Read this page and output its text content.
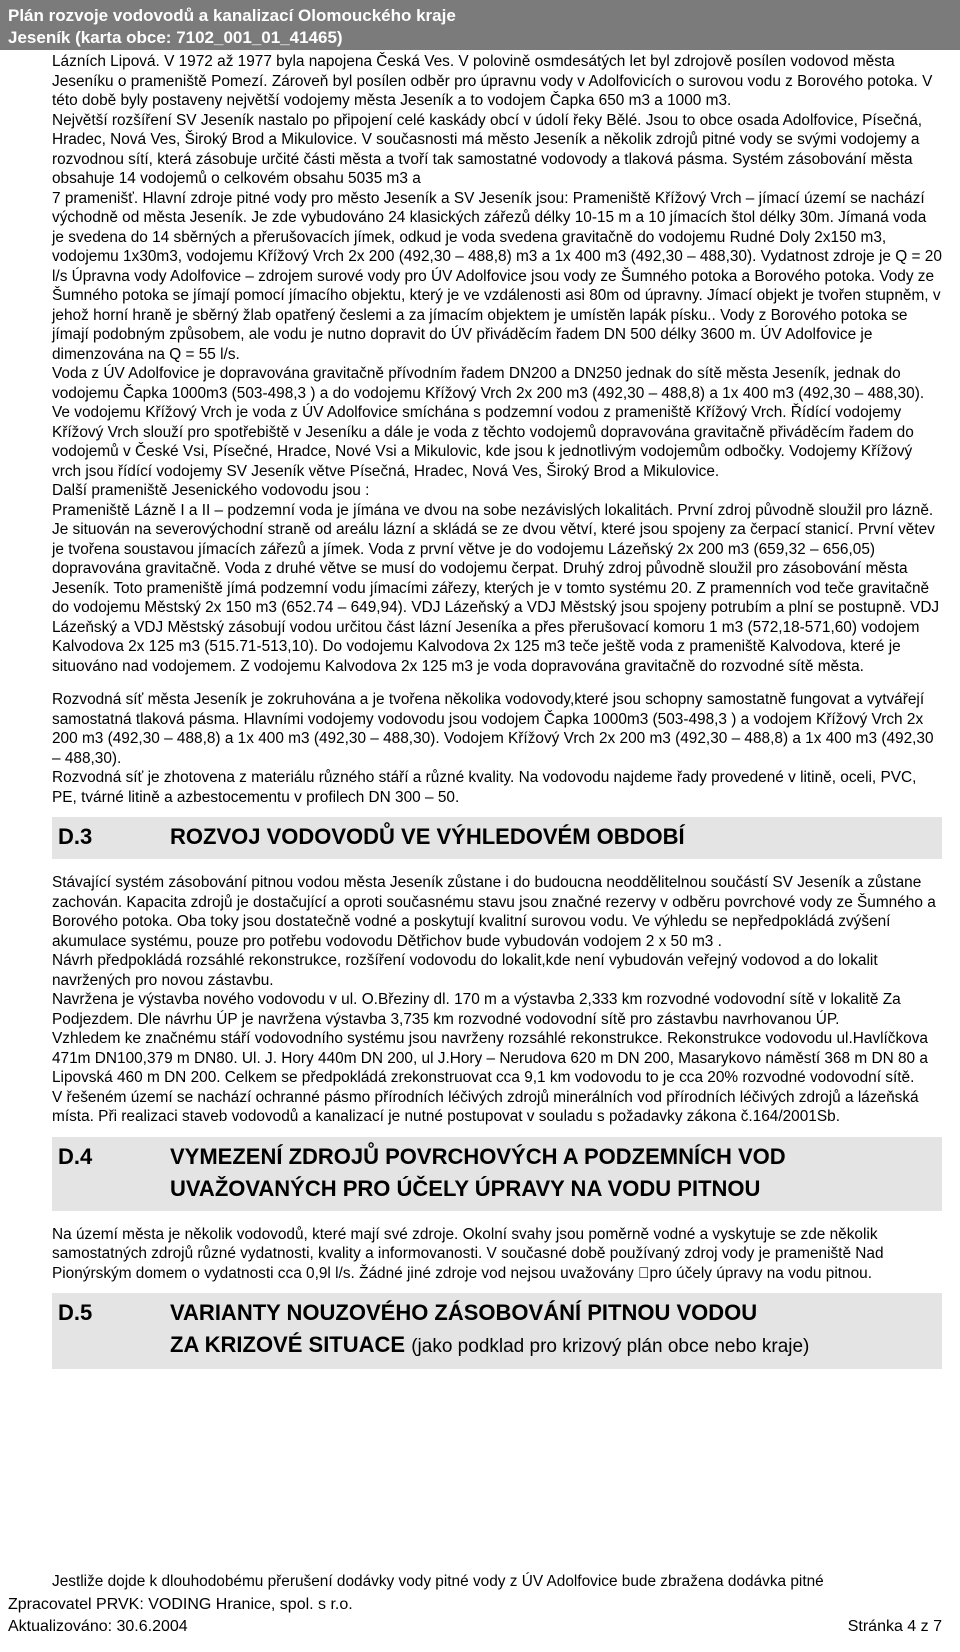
Plán rozvoje vodovodů a kanalizací Olomouckého kraje
Jeseník (karta obce: 7102_001_01_41465)

Lázních Lipová. V 1972 až 1977 byla napojena Česká Ves. V polovině osmdesátých let byl zdrojově posílen vodovod města Jeseníku o prameniště Pomezí. Zároveň byl posílen odběr pro úpravnu vody v Adolfovicích o surovou vodu z Borového potoka. V této době byly postaveny největší vodojemy města Jeseník a to vodojem Čapka 650 m3 a 1000 m3.

Největší rozšíření SV Jeseník nastalo po připojení celé kaskády obcí v údolí řeky Bělé. Jsou to obce osada Adolfovice, Písečná, Hradec, Nová Ves, Široký Brod a Mikulovice. V současnosti má město Jeseník a několik zdrojů pitné vody se svými vodojemy a rozvodnou sítí, která zásobuje určité části města a tvoří tak samostatné vodovody a tlaková pásma. Systém zásobování města obsahuje 14 vodojemů o celkovém obsahu 5035 m3 a

7 pramenišť. Hlavní zdroje pitné vody pro město Jeseník a SV Jeseník jsou: Prameniště Křížový Vrch – jímací území se nachází východně od města Jeseník. Je zde vybudováno 24 klasických zářezů délky 10-15 m a 10 jímacích štol délky 30m. Jímaná voda je svedena do 14 sběrných a přerušovacích jímek, odkud je voda svedena gravitačně do vodojemu Rudné Doly 2x150 m3, vodojemu 1x30m3, vodojemu Křížový Vrch 2x 200 (492,30 – 488,8) m3 a 1x 400 m3 (492,30 – 488,30). Vydatnost zdroje je Q = 20 l/s Úpravna vody Adolfovice – zdrojem surové vody pro ÚV Adolfovice jsou vody ze Šumného potoka a Borového potoka. Vody ze Šumného potoka se jímají pomocí jímacího objektu, který je ve vzdálenosti asi 80m od úpravny. Jímací objekt je tvořen stupněm, v jehož horní hraně je sběrný žlab opatřený česlemi a za jímacím objektem je umístěn lapák písku.. Vody z Borového potoka se jímají podobným způsobem, ale vodu je nutno dopravit do ÚV přiváděcím řadem DN 500 délky 3600 m. ÚV Adolfovice je dimenzována na Q = 55 l/s.

Voda z ÚV Adolfovice je dopravována gravitačně přívodním řadem DN200 a DN250 jednak do sítě města Jeseník, jednak do vodojemu Čapka 1000m3 (503-498,3 ) a do vodojemu Křížový Vrch 2x 200 m3 (492,30 – 488,8) a 1x 400 m3 (492,30 – 488,30). Ve vodojemu Křížový Vrch je voda z ÚV Adolfovice smíchána s podzemní vodou z prameniště Křížový Vrch. Řídící vodojemy Křížový Vrch slouží pro spotřebiště v Jeseníku a dále je voda z těchto vodojemů dopravována gravitačně přiváděcím řadem do vodojemů v České Vsi, Písečné, Hradce, Nové Vsi a Mikulovic, kde jsou k jednotlivým vodojemům odbočky. Vodojemy Křížový vrch jsou řídící vodojemy SV Jeseník větve Písečná, Hradec, Nová Ves, Široký Brod a Mikulovice.

Další prameniště Jesenického vodovodu jsou :

Prameniště Lázně I a II – podzemní voda je jímána ve dvou na sobe nezávislých lokalitách. První zdroj původně sloužil pro lázně. Je situován na severovýchodní straně od areálu lázní a skládá se ze dvou větví, které jsou spojeny za čerpací stanicí. První větev je tvořena soustavou jímacích zářezů a jímek. Voda z první větve je do vodojemu Lázeňský 2x 200 m3 (659,32 – 656,05) dopravována gravitačně. Voda z druhé větve se musí do vodojemu čerpat. Druhý zdroj původně sloužil pro zásobování města Jeseník. Toto prameniště jímá podzemní vodu jímacími zářezy, kterých je v tomto systému 20. Z pramenních vod teče gravitačně do vodojemu Městský 2x 150 m3 (652.74 – 649,94). VDJ Lázeňský a VDJ Městský jsou spojeny potrubím a plní se postupně. VDJ Lázeňský a VDJ Městský zásobují vodou určitou část lázní Jeseníka a přes přerušovací komoru 1 m3 (572,18-571,60) vodojem Kalvodova 2x 125 m3 (515.71-513,10). Do vodojemu Kalvodova 2x 125 m3 teče ještě voda z prameniště Kalvodova, které je situováno nad vodojemem. Z vodojemu Kalvodova 2x 125 m3 je voda dopravována gravitačně do rozvodné sítě města.

Rozvodná síť města Jeseník je zokruhována a je tvořena několika vodovody,které jsou schopny samostatně fungovat a vytvářejí samostatná tlaková pásma. Hlavními vodojemy vodovodu jsou vodojem Čapka 1000m3 (503-498,3 ) a vodojem Křížový Vrch 2x 200 m3 (492,30 – 488,8) a 1x 400 m3 (492,30 – 488,30). Vodojem Křížový Vrch 2x 200 m3 (492,30 – 488,8) a 1x 400 m3 (492,30 – 488,30).

Rozvodná síť je zhotovena z materiálu různého stáří a různé kvality. Na vodovodu najdeme řady provedené v litině, oceli, PVC, PE, tvárné litině a azbestocementu v profilech DN 300 – 50.

D.3	ROZVOJ VODOVODŮ VE VÝHLEDOVÉM OBDOBÍ

Stávající systém zásobování pitnou vodou města Jeseník zůstane i do budoucna neoddělitelnou součástí SV Jeseník a zůstane zachován. Kapacita zdrojů je dostačující a oproti současnému stavu jsou značné rezervy v odběru povrchové vody ze Šumného a Borového potoka. Oba toky jsou dostatečně vodné a poskytují kvalitní surovou vodu. Ve výhledu se nepředpokládá zvýšení akumulace systému, pouze pro potřebu vodovodu Dětřichov bude vybudován vodojem 2 x 50 m3 .

Návrh předpokládá rozsáhlé rekonstrukce, rozšíření vodovodu do lokalit,kde není vybudován veřejný vodovod a do lokalit navržených pro novou zástavbu.

Navržena je výstavba nového vodovodu v ul. O.Březiny dl. 170 m a výstavba 2,333 km rozvodné vodovodní sítě v lokalitě Za Podjezdem. Dle návrhu ÚP je navržena výstavba 3,735 km rozvodné vodovodní sítě pro zástavbu navrhovanou ÚP.

Vzhledem ke značnému stáří vodovodního systému jsou navrženy rozsáhlé rekonstrukce. Rekonstrukce vodovodu ul.Havlíčkova 471m DN100,379 m DN80. Ul. J. Hory 440m DN 200, ul J.Hory – Nerudova 620 m DN 200, Masarykovo náměstí 368 m DN 80 a Lipovská 460 m DN 200. Celkem se předpokládá zrekonstruovat cca 9,1 km vodovodu to je cca 20% rozvodné vodovodní sítě.

V řešeném území se nachází ochranné pásmo přírodních léčivých zdrojů minerálních vod přírodních léčivých zdrojů a lázeňská místa. Při realizaci staveb vodovodů a kanalizací je nutné postupovat v souladu s požadavky zákona č.164/2001Sb.

D.4	VYMEZENÍ ZDROJŮ POVRCHOVÝCH A PODZEMNÍCH VOD
UVAŽOVANÝCH PRO ÚČELY ÚPRAVY NA VODU PITNOU

Na území města je několik vodovodů, které mají své zdroje. Okolní svahy jsou poměrně vodné a vyskytuje se zde několik samostatných zdrojů různé vydatnosti, kvality a informovanosti. V současné době používaný zdroj vody je prameniště Nad Pionýrským domem o vydatnosti cca 0,9l l/s. Žádné jiné zdroje vod nejsou uvažovány pro účely úpravy na vodu pitnou.

D.5	VARIANTY NOUZOVÉHO ZÁSOBOVÁNÍ PITNOU VODOU
ZA KRIZOVÉ SITUACE (jako podklad pro krizový plán obce nebo kraje)
Jestliže dojde k dlouhodobému přerušení dodávky vody pitné vody z ÚV Adolfovice bude zbražena dodávka pitné
Zpracovatel PRVK: VODING Hranice, spol. s r.o.
Aktualizováno: 30.6.2004	Stránka 4 z 7
